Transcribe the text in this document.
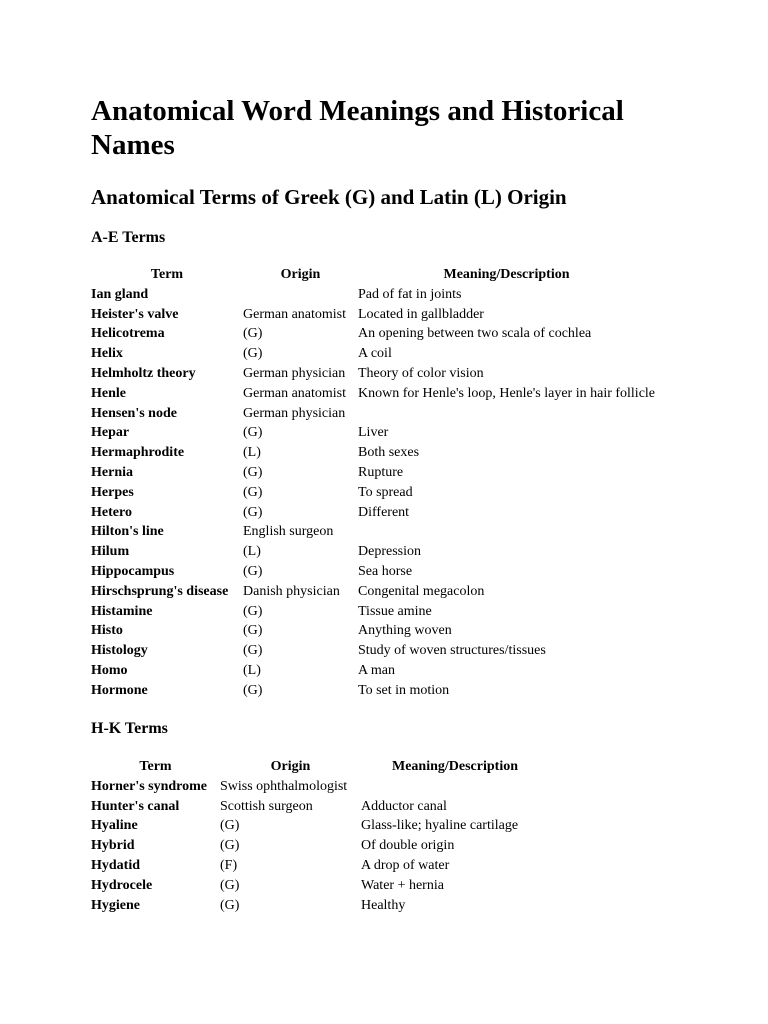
Anatomical Word Meanings and Historical Names
Anatomical Terms of Greek (G) and Latin (L) Origin
A-E Terms
Term	Origin	Meaning/Description
Ian gland		Pad of fat in joints
Heister's valve	German anatomist	Located in gallbladder
Helicotrema	(G)	An opening between two scala of cochlea
Helix	(G)	A coil
Helmholtz theory	German physician	Theory of color vision
Henle	German anatomist	Known for Henle's loop, Henle's layer in hair follicle
Hensen's node	German physician	
Hepar	(G)	Liver
Hermaphrodite	(L)	Both sexes
Hernia	(G)	Rupture
Herpes	(G)	To spread
Hetero	(G)	Different
Hilton's line	English surgeon	
Hilum	(L)	Depression
Hippocampus	(G)	Sea horse
Hirschsprung's disease	Danish physician	Congenital megacolon
Histamine	(G)	Tissue amine
Histo	(G)	Anything woven
Histology	(G)	Study of woven structures/tissues
Homo	(L)	A man
Hormone	(G)	To set in motion
H-K Terms
Term	Origin	Meaning/Description
Horner's syndrome	Swiss ophthalmologist	
Hunter's canal	Scottish surgeon	Adductor canal
Hyaline	(G)	Glass-like; hyaline cartilage
Hybrid	(G)	Of double origin
Hydatid	(F)	A drop of water
Hydrocele	(G)	Water + hernia
Hygiene	(G)	Healthy
